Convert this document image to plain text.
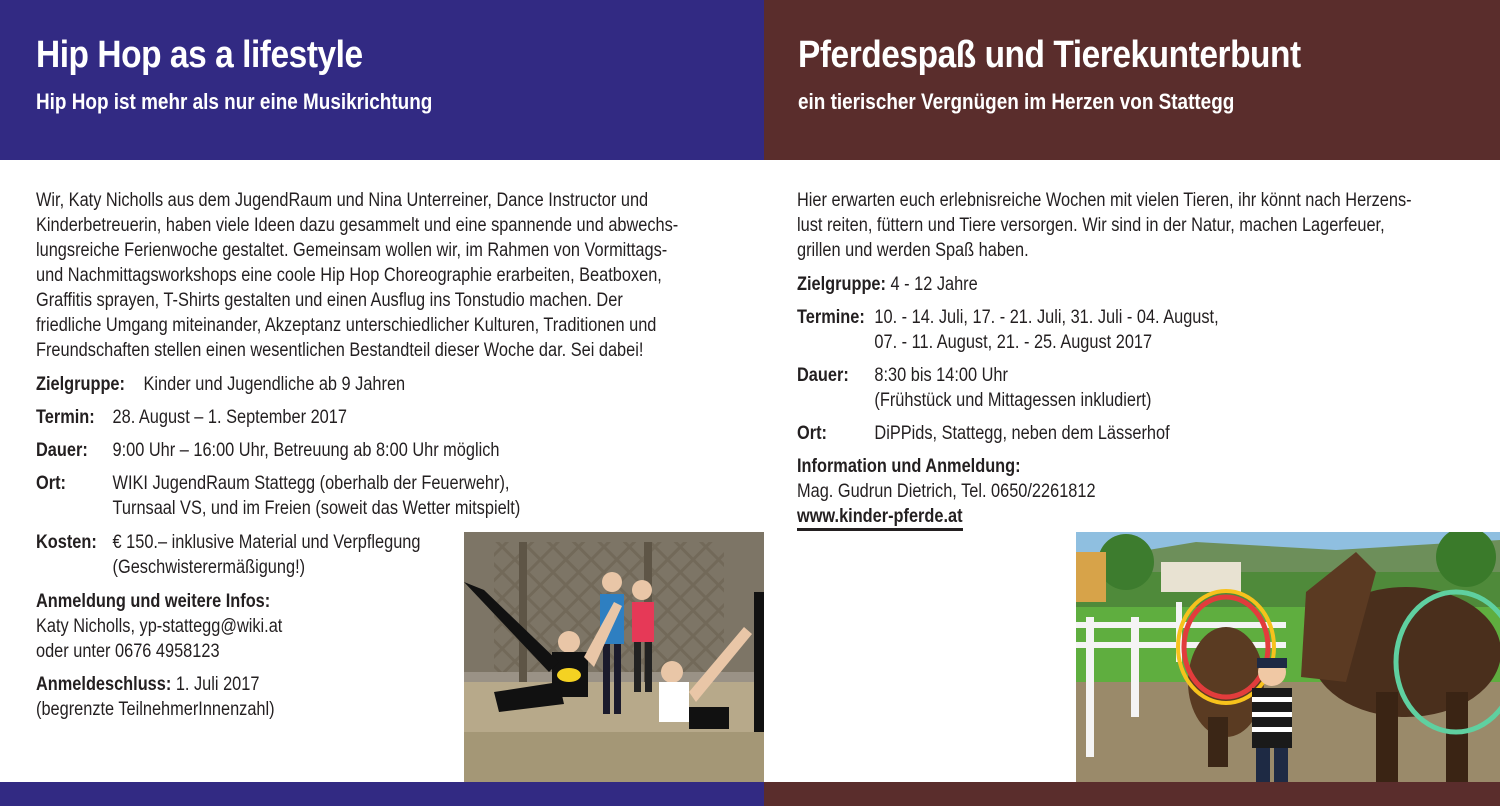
Hip Hop as a lifestyle
Hip Hop ist mehr als nur eine Musikrichtung
Wir, Katy Nicholls aus dem JugendRaum und Nina Unterreiner, Dance Instructor und
Kinderbetreuerin, haben viele Ideen dazu gesammelt und eine spannende und abwechs-
lungsreiche Ferienwoche gestaltet. Gemeinsam wollen wir, im Rahmen von Vormittags-
und Nachmittagsworkshops eine coole Hip Hop Choreographie erarbeiten, Beatboxen,
Graffitis sprayen, T-Shirts gestalten und einen Ausflug ins Tonstudio machen. Der
friedliche Umgang miteinander, Akzeptanz unterschiedlicher Kulturen, Traditionen und
Freundschaften stellen einen wesentlichen Bestandteil dieser Woche dar. Sei dabei!
Zielgruppe: Kinder und Jugendliche ab 9 Jahren
Termin: 28. August – 1. September 2017
Dauer: 9:00 Uhr – 16:00 Uhr, Betreuung ab 8:00 Uhr möglich
Ort: WIKI JugendRaum Stattegg (oberhalb der Feuerwehr),
Turnsaal VS, und im Freien (soweit das Wetter mitspielt)
Kosten: € 150.– inklusive Material und Verpflegung
(Geschwisterermäßigung!)
Anmeldung und weitere Infos:
Katy Nicholls, yp-stattegg@wiki.at
oder unter 0676 4958123
Anmeldeschluss: 1. Juli 2017
(begrenzte TeilnehmerInnenzahl)
Pferdespaß und Tierekunterbunt
ein tierischer Vergnügen im Herzen von Stattegg
Hier erwarten euch erlebnisreiche Wochen mit vielen Tieren, ihr könnt nach Herzens-
lust reiten, füttern und Tiere versorgen. Wir sind in der Natur, machen Lagerfeuer,
grillen und werden Spaß haben.
Zielgruppe: 4 - 12 Jahre
Termine: 10. - 14. Juli, 17. - 21. Juli, 31. Juli - 04. August,
07. - 11. August, 21. - 25. August 2017
Dauer: 8:30 bis 14:00 Uhr
(Frühstück und Mittagessen inkludiert)
Ort: DiPPids, Stattegg, neben dem Lässerhof
Information und Anmeldung:
Mag. Gudrun Dietrich, Tel. 0650/2261812
www.kinder-pferde.at
